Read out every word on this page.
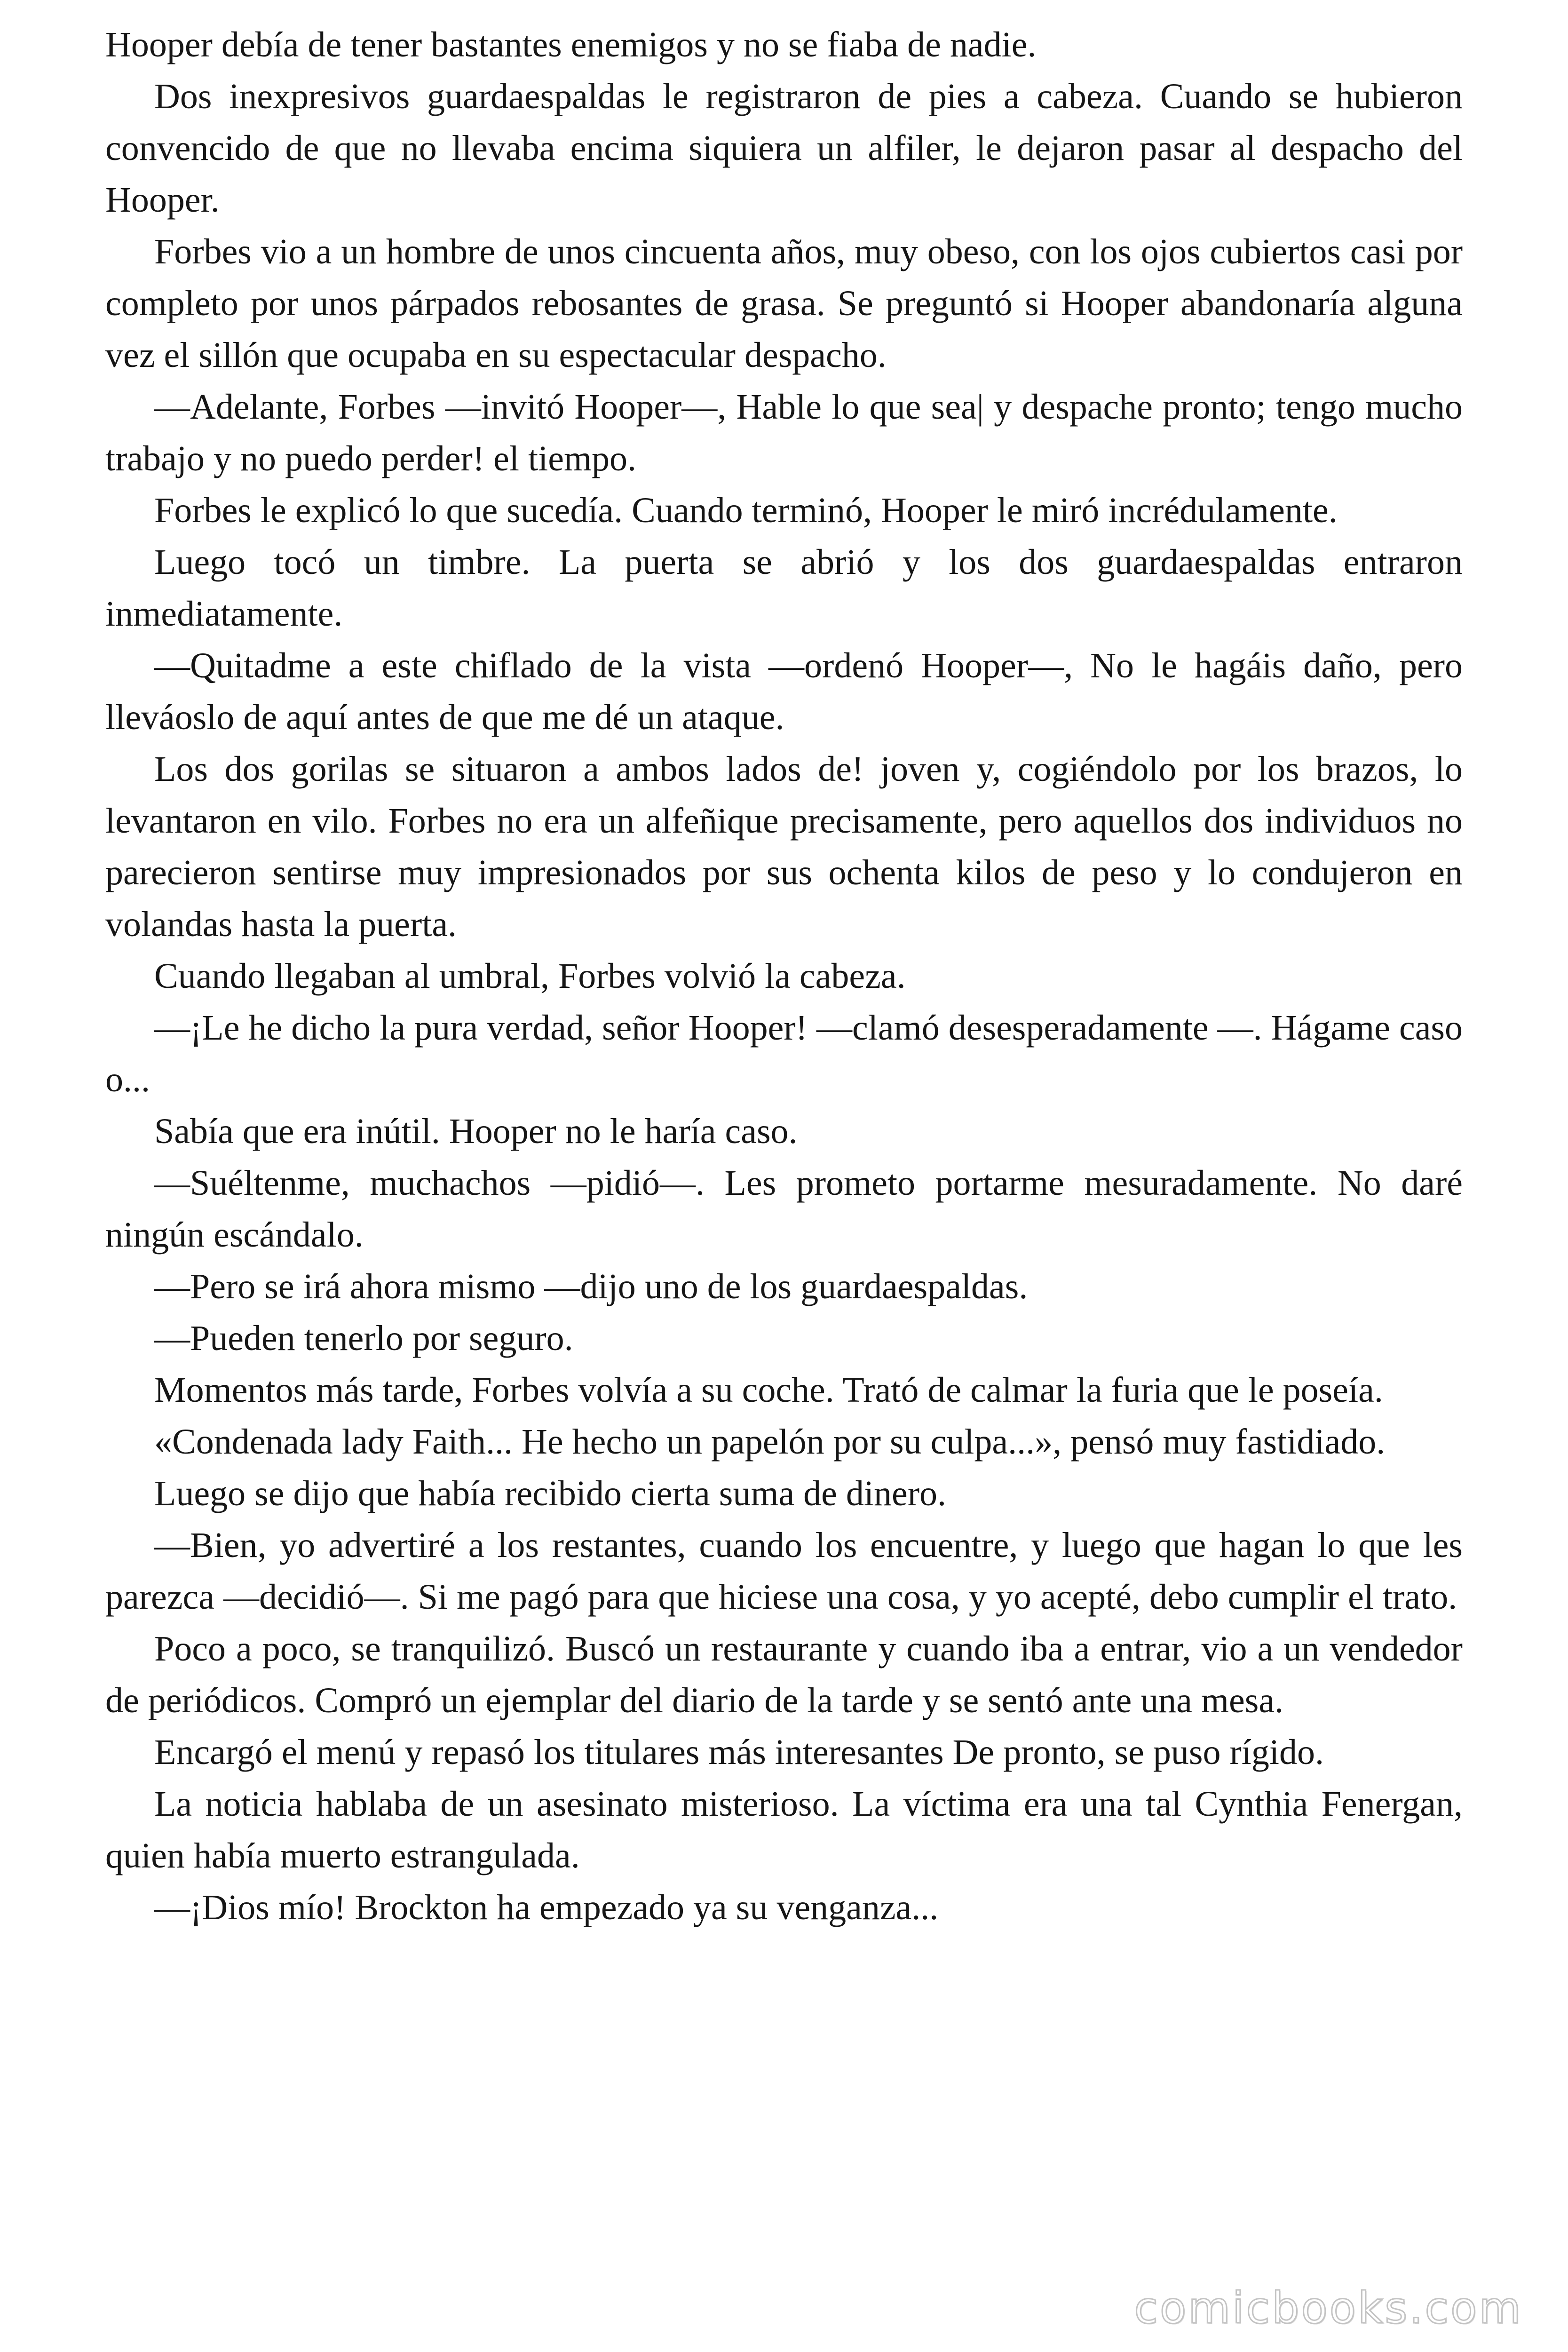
Hooper debía de tener bastantes enemigos y no se fiaba de nadie.

Dos inexpresivos guardaespaldas le registraron de pies a cabeza. Cuando se hubieron convencido de que no llevaba encima siquiera un alfiler, le dejaron pasar al despacho del Hooper.

Forbes vio a un hombre de unos cincuenta años, muy obeso, con los ojos cubiertos casi por completo por unos párpados rebosantes de grasa. Se preguntó si Hooper abandonaría alguna vez el sillón que ocupaba en su espectacular despacho.

—Adelante, Forbes —invitó Hooper—, Hable lo que sea| y despache pronto; tengo mucho trabajo y no puedo perder! el tiempo.

Forbes le explicó lo que sucedía. Cuando terminó, Hooper le miró incrédulamente.

Luego tocó un timbre. La puerta se abrió y los dos guardaespaldas entraron inmediatamente.

—Quitadme a este chiflado de la vista —ordenó Hooper—, No le hagáis daño, pero lleváoslo de aquí antes de que me dé un ataque.

Los dos gorilas se situaron a ambos lados de! joven y, cogiéndolo por los brazos, lo levantaron en vilo. Forbes no era un alfeñique precisamente, pero aquellos dos individuos no parecieron sentirse muy impresionados por sus ochenta kilos de peso y lo condujeron en volandas hasta la puerta.

Cuando llegaban al umbral, Forbes volvió la cabeza.

—¡Le he dicho la pura verdad, señor Hooper! —clamó desesperadamente —. Hágame caso o...

Sabía que era inútil. Hooper no le haría caso.

—Suéltenme, muchachos —pidió—. Les prometo portarme mesuradamente. No daré ningún escándalo.

—Pero se irá ahora mismo —dijo uno de los guardaespaldas.

—Pueden tenerlo por seguro.

Momentos más tarde, Forbes volvía a su coche. Trató de calmar la furia que le poseía.

«Condenada lady Faith... He hecho un papelón por su culpa...», pensó muy fastidiado.

Luego se dijo que había recibido cierta suma de dinero.

—Bien, yo advertiré a los restantes, cuando los encuentre, y luego que hagan lo que les parezca —decidió—. Si me pagó para que hiciese una cosa, y yo acepté, debo cumplir el trato.

Poco a poco, se tranquilizó. Buscó un restaurante y cuando iba a entrar, vio a un vendedor de periódicos. Compró un ejemplar del diario de la tarde y se sentó ante una mesa.

Encargó el menú y repasó los titulares más interesantes De pronto, se puso rígido.

La noticia hablaba de un asesinato misterioso. La víctima era una tal Cynthia Fenergan, quien había muerto estrangulada.

—¡Dios mío! Brockton ha empezado ya su venganza...

comicbooks.com
